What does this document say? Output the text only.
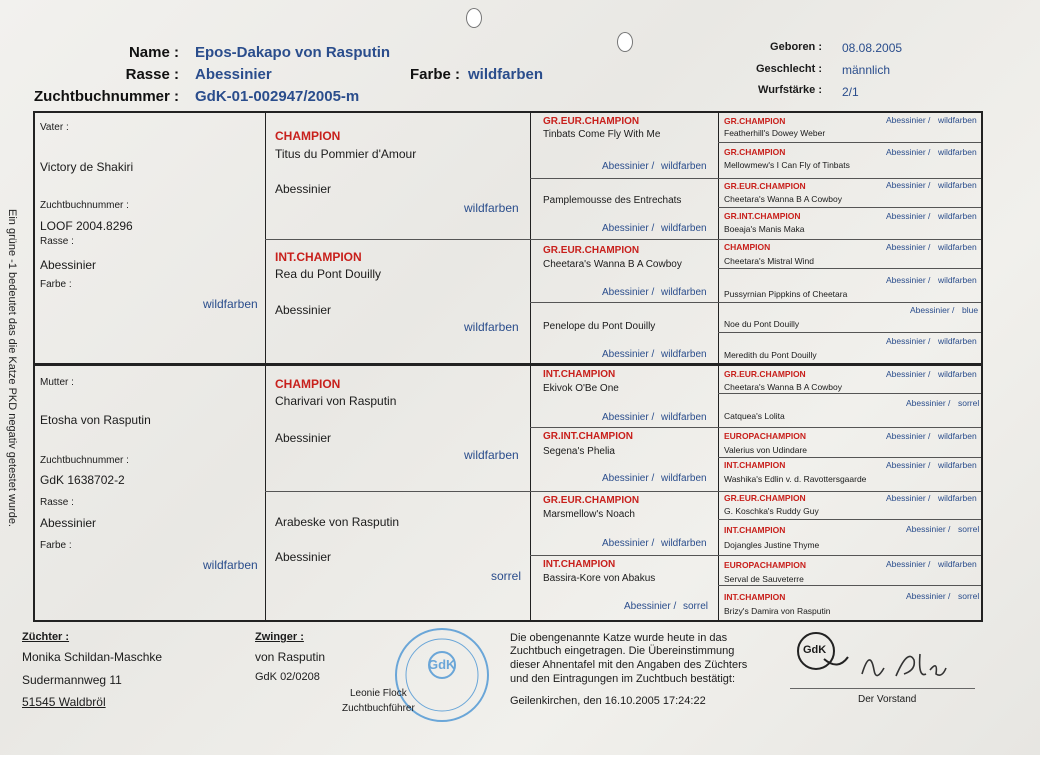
Name : Epos-Dakapo von Rasputin
Rasse : Abessinier	Farbe : wildfarben
Zuchtbuchnummer : GdK-01-002947/2005-m
Geboren : 08.08.2005
Geschlecht : männlich
Wurfstärke : 2/1
Ein grüne -1 bedeutet das die Katze PKD negativ getestet wurde.
Vater :
Victory de Shakiri
Zuchtbuchnummer :
LOOF 2004.8296
Rasse :
Abessinier
Farbe :
wildfarben
Mutter :
Etosha von Rasputin
Zuchtbuchnummer :
GdK 1638702-2
Rasse :
Abessinier
Farbe :
wildfarben
CHAMPION
Titus du Pommier d'Amour
Abessinier
wildfarben
INT.CHAMPION
Rea du Pont Douilly
Abessinier
wildfarben
CHAMPION
Charivari von Rasputin
Abessinier
wildfarben
Arabeske von Rasputin
Abessinier
sorrel
GR.EUR.CHAMPION
Tinbats Come Fly With Me
Abessinier / wildfarben
Pamplemousse des Entrechats
Abessinier / wildfarben
GR.EUR.CHAMPION
Cheetara's Wanna B A Cowboy
Abessinier / wildfarben
Penelope du Pont Douilly
Abessinier / wildfarben
INT.CHAMPION
Ekivok O'Be One
Abessinier / wildfarben
GR.INT.CHAMPION
Segena's Phelia
Abessinier / wildfarben
GR.EUR.CHAMPION
Marsmellow's Noach
Abessinier / wildfarben
INT.CHAMPION
Bassira-Kore von Abakus
Abessinier / sorrel
GR.CHAMPION
Featherhill's Dowey Weber
Abessinier / wildfarben
GR.CHAMPION
Mellowmew's I Can Fly of Tinbats
Abessinier / wildfarben
GR.EUR.CHAMPION
Cheetara's Wanna B A Cowboy
Abessinier / wildfarben
GR.INT.CHAMPION
Boeaja's Manis Maka
Abessinier / wildfarben
CHAMPION
Cheetara's Mistral Wind
Abessinier / wildfarben
Pussyrnian Pippkins of Cheetara
Abessinier / wildfarben
Noe du Pont Douilly
Abessinier / blue
Meredith du Pont Douilly
Abessinier / wildfarben
GR.EUR.CHAMPION
Cheetara's Wanna B A Cowboy
Abessinier / wildfarben
Catquea's Lolita
Abessinier / sorrel
EUROPACHAMPION
Valerius von Udindare
Abessinier / wildfarben
INT.CHAMPION
Washika's Edlin v. d. Ravottersgaarde
Abessinier / wildfarben
GR.EUR.CHAMPION
G. Koschka's Ruddy Guy
Abessinier / wildfarben
INT.CHAMPION
Dojangles Justine Thyme
Abessinier / sorrel
EUROPACHAMPION
Serval de Sauveterre
Abessinier / wildfarben
INT.CHAMPION
Brizy's Damira von Rasputin
Abessinier / sorrel
Züchter :
Monika Schildan-Maschke
Sudermannweg 11
51545 Waldbröl
Zwinger :
von Rasputin
GdK 02/0208
GdK
Leonie Flock
Zuchtbuchführer
Die obengenannte Katze wurde heute in das
Zuchtbuch eingetragen. Die Übereinstimmung
dieser Ahnentafel mit den Angaben des Züchters
und den Eintragungen im Zuchtbuch bestätigt:
Geilenkirchen, den 16.10.2005 17:24:22
GdK
Der Vorstand
